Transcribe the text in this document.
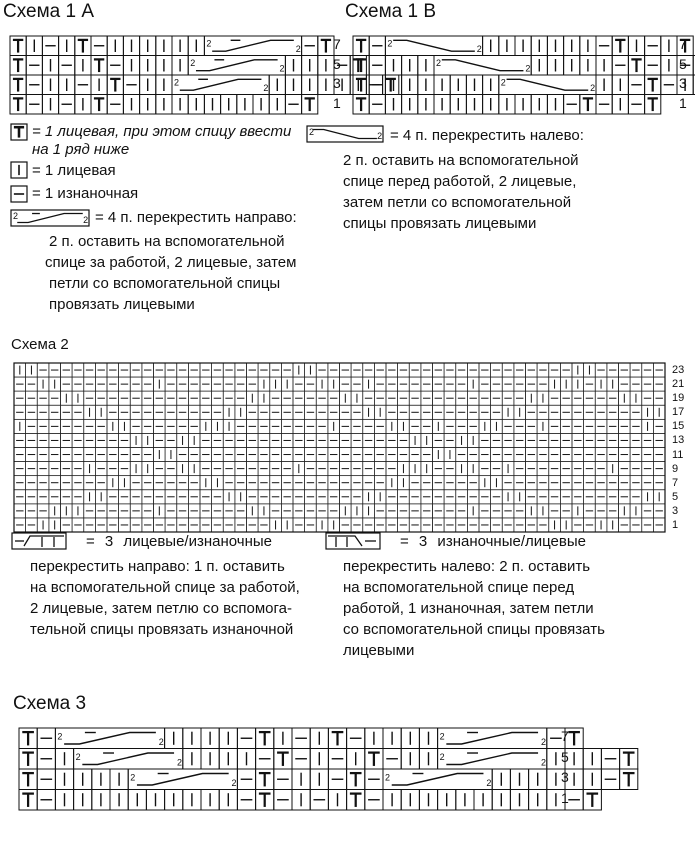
Схема 1 А	Схема 1 В
2
2
2
2
2
2
2
2
2
2
2
2
2
2
2
2
2
2
2
2
2
2
2
2
2	2
2	2
7
5
3
1
7
5
3
1
= 1 лицевая, при этом спицу ввести
на 1 ряд ниже
= 1 лицевая
= 1 изнаночная
= 4 п. перекрестить направо:
2 п. оставить на вспомогательной
спице за работой, 2 лицевые, затем
петли со вспомогательной спицы
провязать лицевыми
= 4 п. перекрестить налево:
2 п. оставить на вспомогательной
спице перед работой, 2 лицевые,
затем петли со вспомогательной
спицы провязать лицевыми
Схема 2
23
21
19
17
15
13
11
9
7
5
3
1
= 3 лицевые/изнаночные
перекрестить направо: 1 п. оставить
на вспомогательной спице за работой,
2 лицевые, затем петлю со вспомога-
тельной спицы провязать изнаночной
= 3 изнаночные/лицевые
перекрестить налево: 2 п. оставить
на вспомогательной спице перед
работой, 1 изнаночная, затем петли
со вспомогательной спицы провязать
лицевыми
Схема 3
7
5
3
1
